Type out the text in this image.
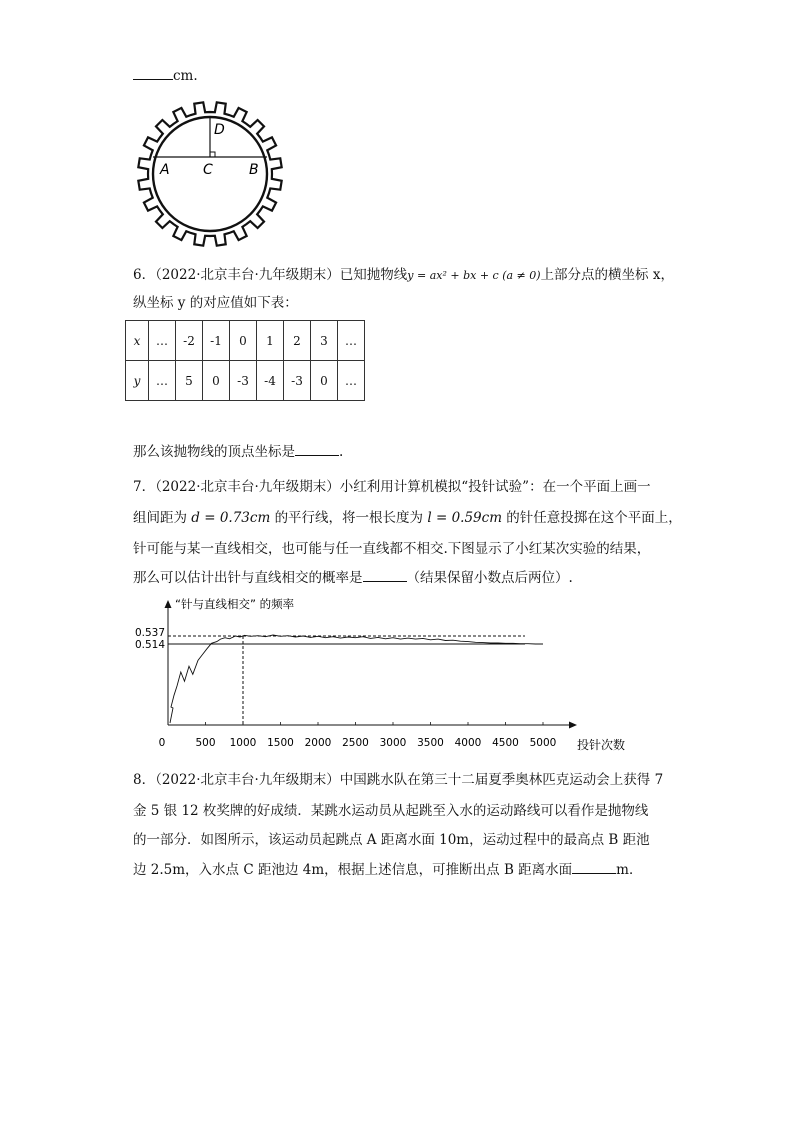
cm.
D
A C	B
6．（2022·北京丰台·九年级期末）已知抛物线y = ax² + bx + c (a ≠ 0)上部分点的横坐标 x，
纵坐标 y 的对应值如下表：
x	…	-2	-1	0	1	2	3	…
y	…	5	0	-3	-4	-3	0	…
那么该抛物线的顶点坐标是	.
7．（2022·北京丰台·九年级期末）小红利用计算机模拟“投针试验”：在一个平面上画一
组间距为 d = 0.73cm 的平行线，将一根长度为 l = 0.59cm 的针任意投掷在这个平面上，
针可能与某一直线相交，也可能与任一直线都不相交.下图显示了小红某次实验的结果，
那么可以估计出针与直线相交的概率是	（结果保留小数点后两位）.
“针与直线相交” 的频率
投针次数
0	500 1000 1500 2000 2500 3000 3500 4000 4500 5000
0.537
0.514
8．（2022·北京丰台·九年级期末）中国跳水队在第三十二届夏季奥林匹克运动会上获得 7
金 5 银 12 枚奖牌的好成绩．某跳水运动员从起跳至入水的运动路线可以看作是抛物线
的一部分．如图所示，该运动员起跳点 A 距离水面 10m，运动过程中的最高点 B 距池
边 2.5m，入水点 C 距池边 4m，根据上述信息，可推断出点 B 距离水面	m．
